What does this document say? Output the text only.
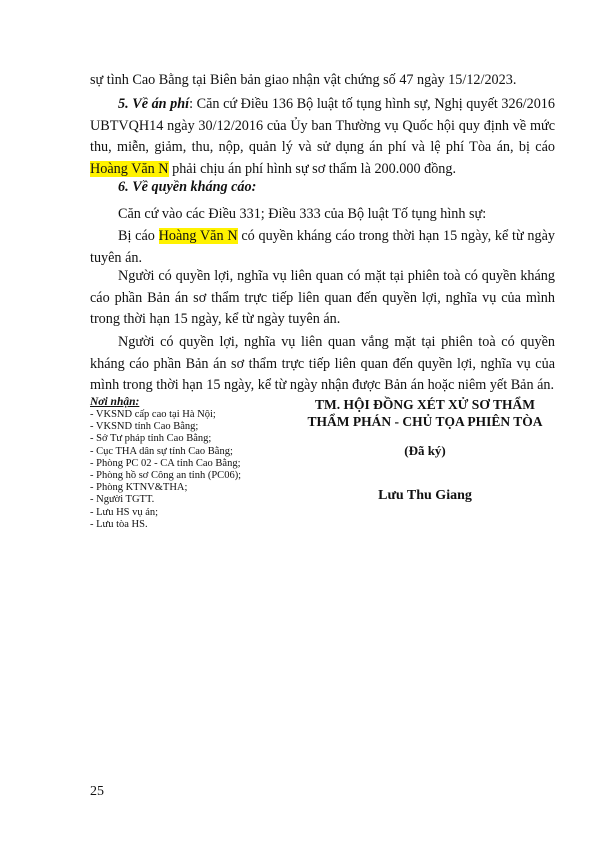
sự tình Cao Bằng tại Biên bản giao nhận vật chứng số 47 ngày 15/12/2023.

5. Về án phí: Căn cứ Điều 136 Bộ luật tố tụng hình sự, Nghị quyết 326/2016 UBTVQH14 ngày 30/12/2016 của Ủy ban Thường vụ Quốc hội quy định về mức thu, miễn, giảm, thu, nộp, quản lý và sử dụng án phí và lệ phí Tòa án, bị cáo Hoàng Văn N phải chịu án phí hình sự sơ thẩm là 200.000 đồng.

6. Về quyền kháng cáo:
Căn cứ vào các Điều 331; Điều 333 của Bộ luật Tố tụng hình sự:

Bị cáo Hoàng Văn N có quyền kháng cáo trong thời hạn 15 ngày, kể từ ngày tuyên án.

Người có quyền lợi, nghĩa vụ liên quan có mặt tại phiên toà có quyền kháng cáo phần Bản án sơ thẩm trực tiếp liên quan đến quyền lợi, nghĩa vụ của mình trong thời hạn 15 ngày, kể từ ngày tuyên án.

Người có quyền lợi, nghĩa vụ liên quan vắng mặt tại phiên toà có quyền kháng cáo phần Bản án sơ thẩm trực tiếp liên quan đến quyền lợi, nghĩa vụ của mình trong thời hạn 15 ngày, kể từ ngày nhận được Bản án hoặc niêm yết Bản án.

Nơi nhận:
- VKSND cấp cao tại Hà Nội;
- VKSND tỉnh Cao Bằng;
- Sở Tư pháp tỉnh Cao Bằng;
- Cục THA dân sự tỉnh Cao Bằng;
- Phòng PC 02 - CA tỉnh Cao Bằng;
- Phòng hồ sơ Công an tỉnh (PC06);
- Phòng KTNV&THA;
- Người TGTT.
- Lưu HS vụ án;
- Lưu tòa HS.
TM. HỘI ĐỒNG XÉT XỬ SƠ THẨM
THẨM PHÁN - CHỦ TỌA PHIÊN TÒA
(Đã ký)
Lưu Thu Giang
25
